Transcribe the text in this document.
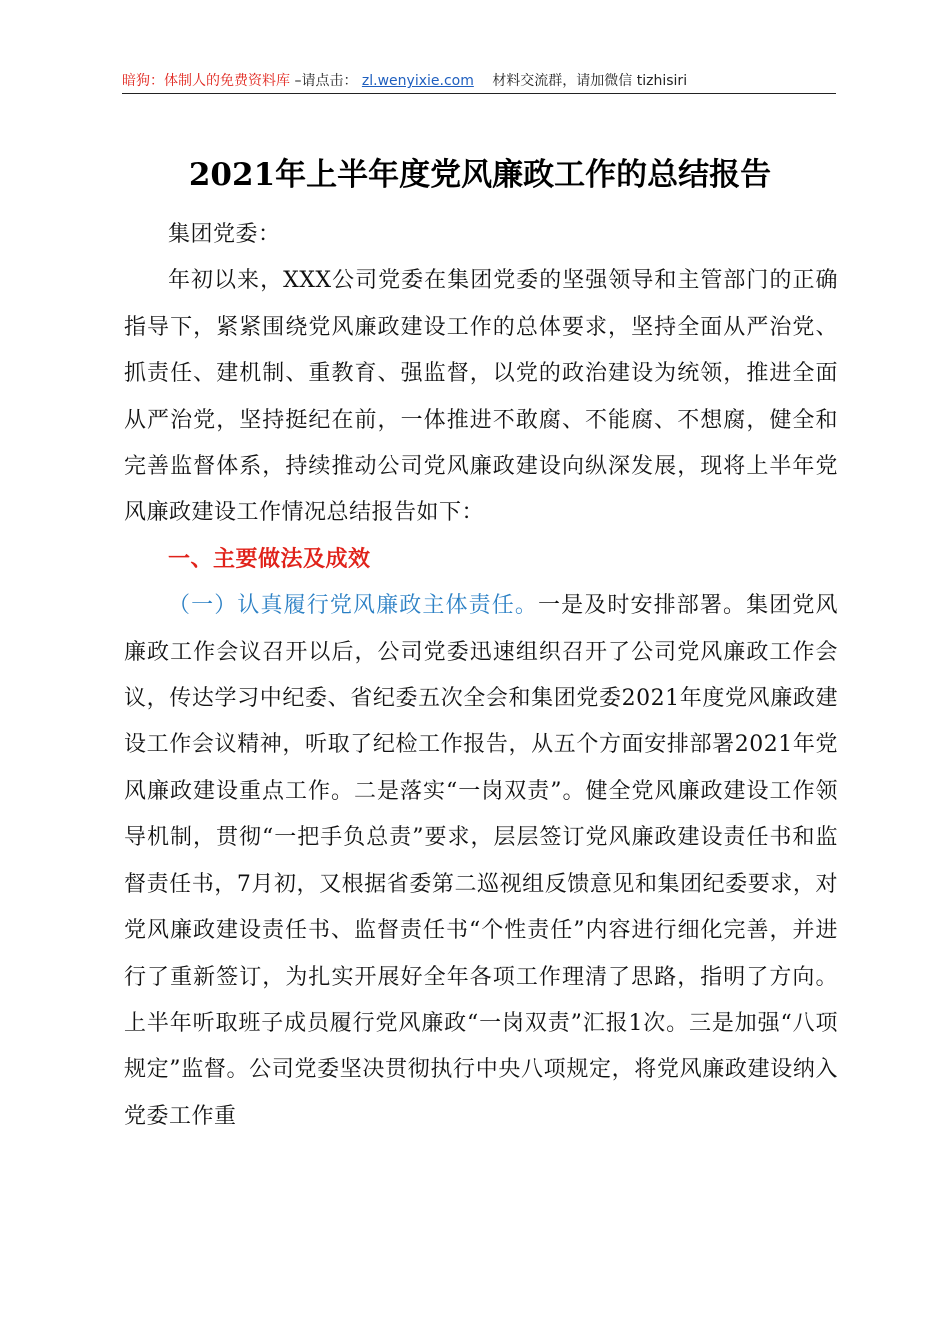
暗狗：体制人的免费资料库 –请点击： zl.wenyixie.com 材料交流群，请加微信 tizhisiri
2021年上半年度党风廉政工作的总结报告

集团党委：

年初以来，XXX公司党委在集团党委的坚强领导和主管部门的正确指导下，紧紧围绕党风廉政建设工作的总体要求，坚持全面从严治党、抓责任、建机制、重教育、强监督，以党的政治建设为统领，推进全面从严治党，坚持挺纪在前，一体推进不敢腐、不能腐、不想腐，健全和完善监督体系，持续推动公司党风廉政建设向纵深发展，现将上半年党风廉政建设工作情况总结报告如下：

一、主要做法及成效

（一）认真履行党风廉政主体责任。一是及时安排部署。集团党风廉政工作会议召开以后，公司党委迅速组织召开了公司党风廉政工作会议，传达学习中纪委、省纪委五次全会和集团党委2021年度党风廉政建设工作会议精神，听取了纪检工作报告，从五个方面安排部署2021年党风廉政建设重点工作。二是落实“一岗双责”。健全党风廉政建设工作领导机制，贯彻“一把手负总责”要求，层层签订党风廉政建设责任书和监督责任书，7月初，又根据省委第二巡视组反馈意见和集团纪委要求，对党风廉政建设责任书、监督责任书“个性责任”内容进行细化完善，并进行了重新签订，为扎实开展好全年各项工作理清了思路，指明了方向。上半年听取班子成员履行党风廉政“一岗双责”汇报1次。三是加强“八项规定”监督。公司党委坚决贯彻执行中央八项规定，将党风廉政建设纳入党委工作重
